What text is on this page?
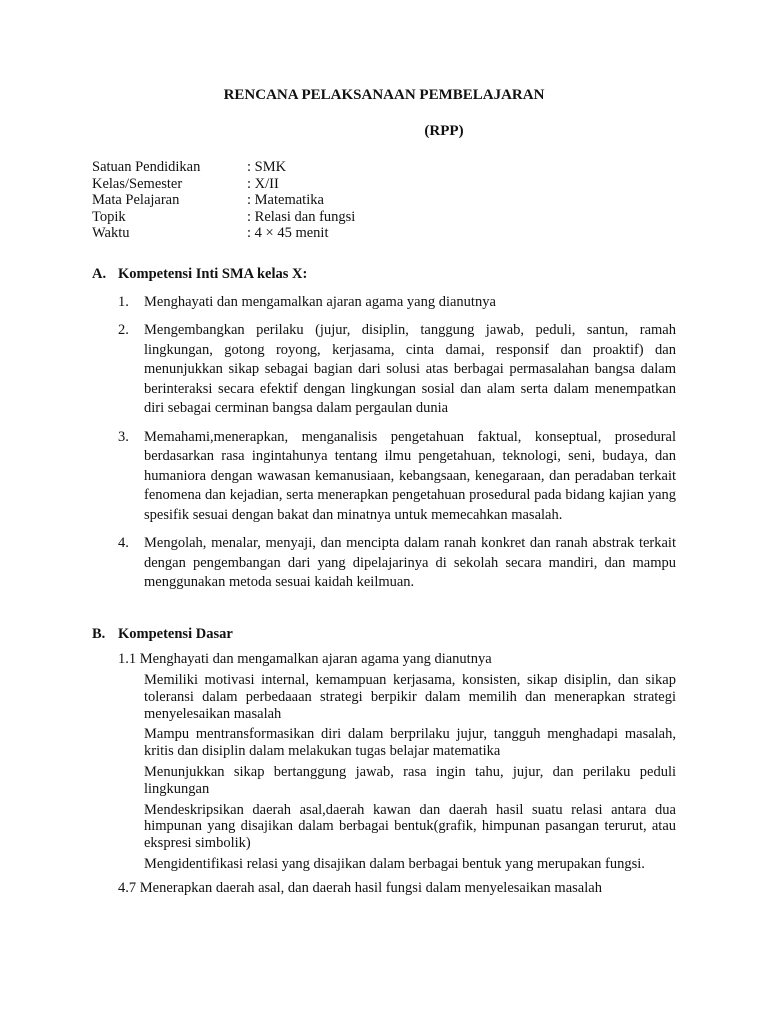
RENCANA PELAKSANAAN PEMBELAJARAN
(RPP)
Satuan Pendidikan	: SMK
Kelas/Semester	: X/II
Mata Pelajaran	: Matematika
Topik	: Relasi dan fungsi
Waktu	: 4 × 45 menit
A. Kompetensi Inti SMA kelas X:
1.	Menghayati dan mengamalkan ajaran agama yang dianutnya
2.	Mengembangkan perilaku (jujur, disiplin, tanggung jawab, peduli, santun, ramah lingkungan, gotong royong, kerjasama, cinta damai, responsif dan proaktif) dan menunjukkan sikap sebagai bagian dari solusi atas berbagai permasalahan bangsa dalam berinteraksi secara efektif dengan lingkungan sosial dan alam serta dalam menempatkan diri sebagai cerminan bangsa dalam pergaulan dunia
3.	Memahami,menerapkan, menganalisis pengetahuan faktual, konseptual, prosedural berdasarkan rasa ingintahunya tentang ilmu pengetahuan, teknologi, seni, budaya, dan humaniora dengan wawasan kemanusiaan, kebangsaan, kenegaraan, dan peradaban terkait fenomena dan kejadian, serta menerapkan pengetahuan prosedural pada bidang kajian yang spesifik sesuai dengan bakat dan minatnya untuk memecahkan masalah.
4.	Mengolah, menalar, menyaji, dan mencipta dalam ranah konkret dan ranah abstrak terkait dengan pengembangan dari yang dipelajarinya di sekolah secara mandiri, dan mampu menggunakan metoda sesuai kaidah keilmuan.
B. Kompetensi Dasar
1.1 Menghayati dan mengamalkan ajaran agama yang dianutnya
Memiliki motivasi internal, kemampuan kerjasama, konsisten, sikap disiplin, dan sikap toleransi dalam perbedaaan strategi berpikir dalam memilih dan menerapkan strategi menyelesaikan masalah
Mampu mentransformasikan diri dalam berprilaku jujur, tangguh menghadapi masalah, kritis dan disiplin dalam melakukan tugas belajar matematika
Menunjukkan sikap bertanggung jawab, rasa ingin tahu, jujur, dan perilaku peduli lingkungan
Mendeskripsikan daerah asal,daerah kawan dan daerah hasil suatu relasi antara dua himpunan yang disajikan dalam berbagai bentuk(grafik, himpunan pasangan terurut, atau ekspresi simbolik)
Mengidentifikasi relasi yang disajikan dalam berbagai bentuk yang merupakan fungsi.
4.7 Menerapkan daerah asal, dan daerah hasil fungsi dalam menyelesaikan masalah
